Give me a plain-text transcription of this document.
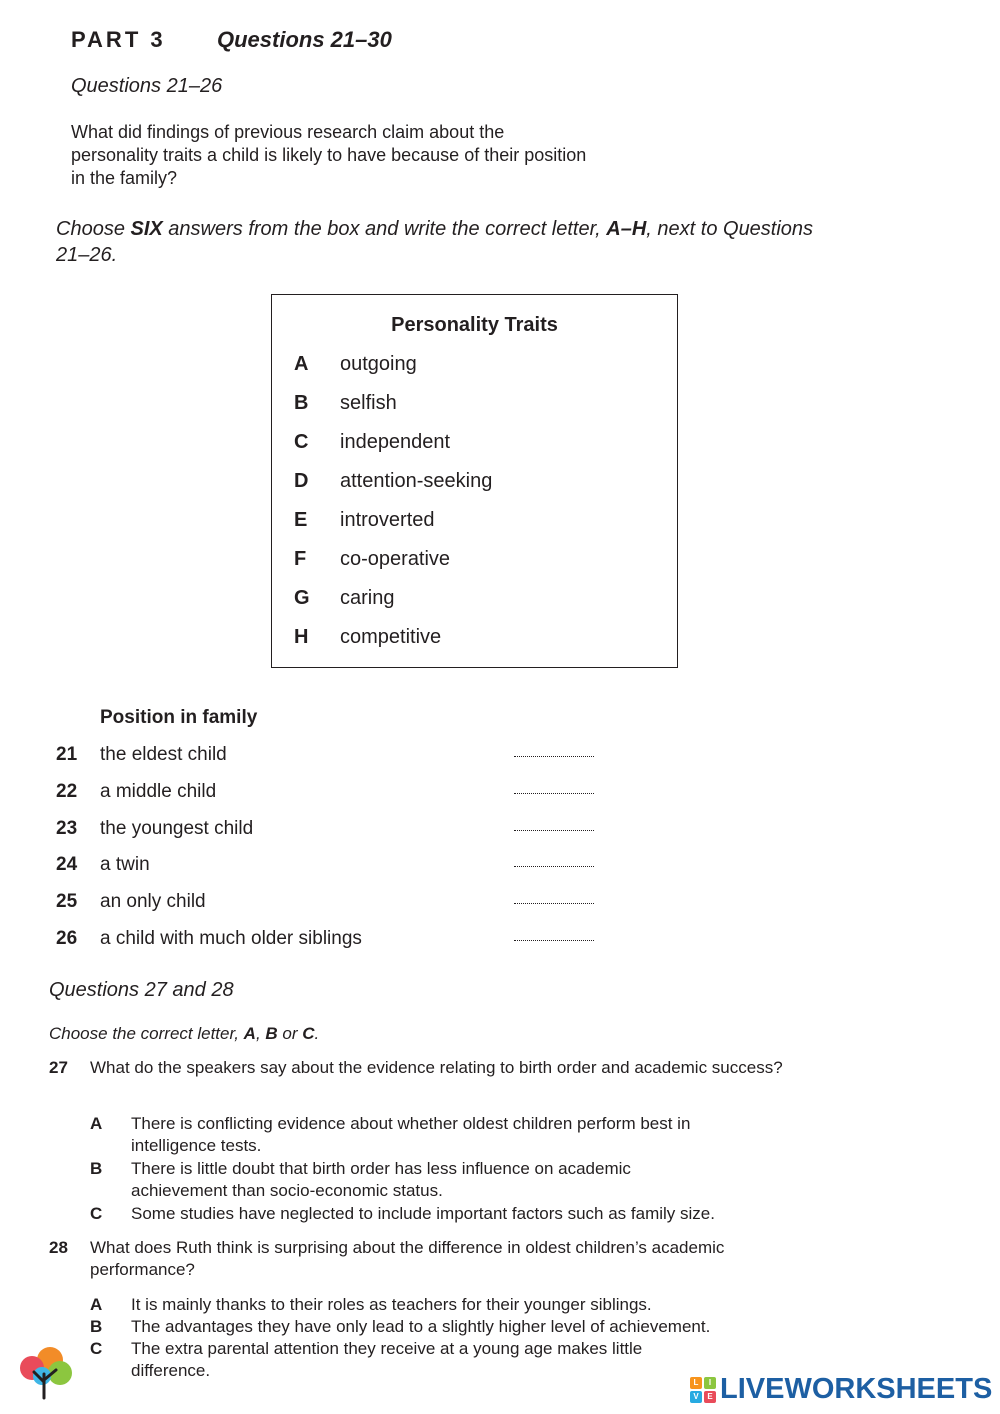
PART 3 Questions 21–30
Questions 21–26
What did findings of previous research claim about the personality traits a child is likely to have because of their position in the family?
Choose SIX answers from the box and write the correct letter, A–H, next to Questions 21–26.
Personality Traits
A outgoing
B selfish
C independent
D attention-seeking
E introverted
F co-operative
G caring
H competitive
Position in family
21 the eldest child
22 a middle child
23 the youngest child
24 a twin
25 an only child
26 a child with much older siblings
Questions 27 and 28
Choose the correct letter, A, B or C.
27 What do the speakers say about the evidence relating to birth order and academic success?
A There is conflicting evidence about whether oldest children perform best in intelligence tests.
B There is little doubt that birth order has less influence on academic achievement than socio-economic status.
C Some studies have neglected to include important factors such as family size.
28 What does Ruth think is surprising about the difference in oldest children’s academic performance?
A It is mainly thanks to their roles as teachers for their younger siblings.
B The advantages they have only lead to a slightly higher level of achievement.
C The extra parental attention they receive at a young age makes little difference.
L	I
V	E LIVEWORKSHEETS
